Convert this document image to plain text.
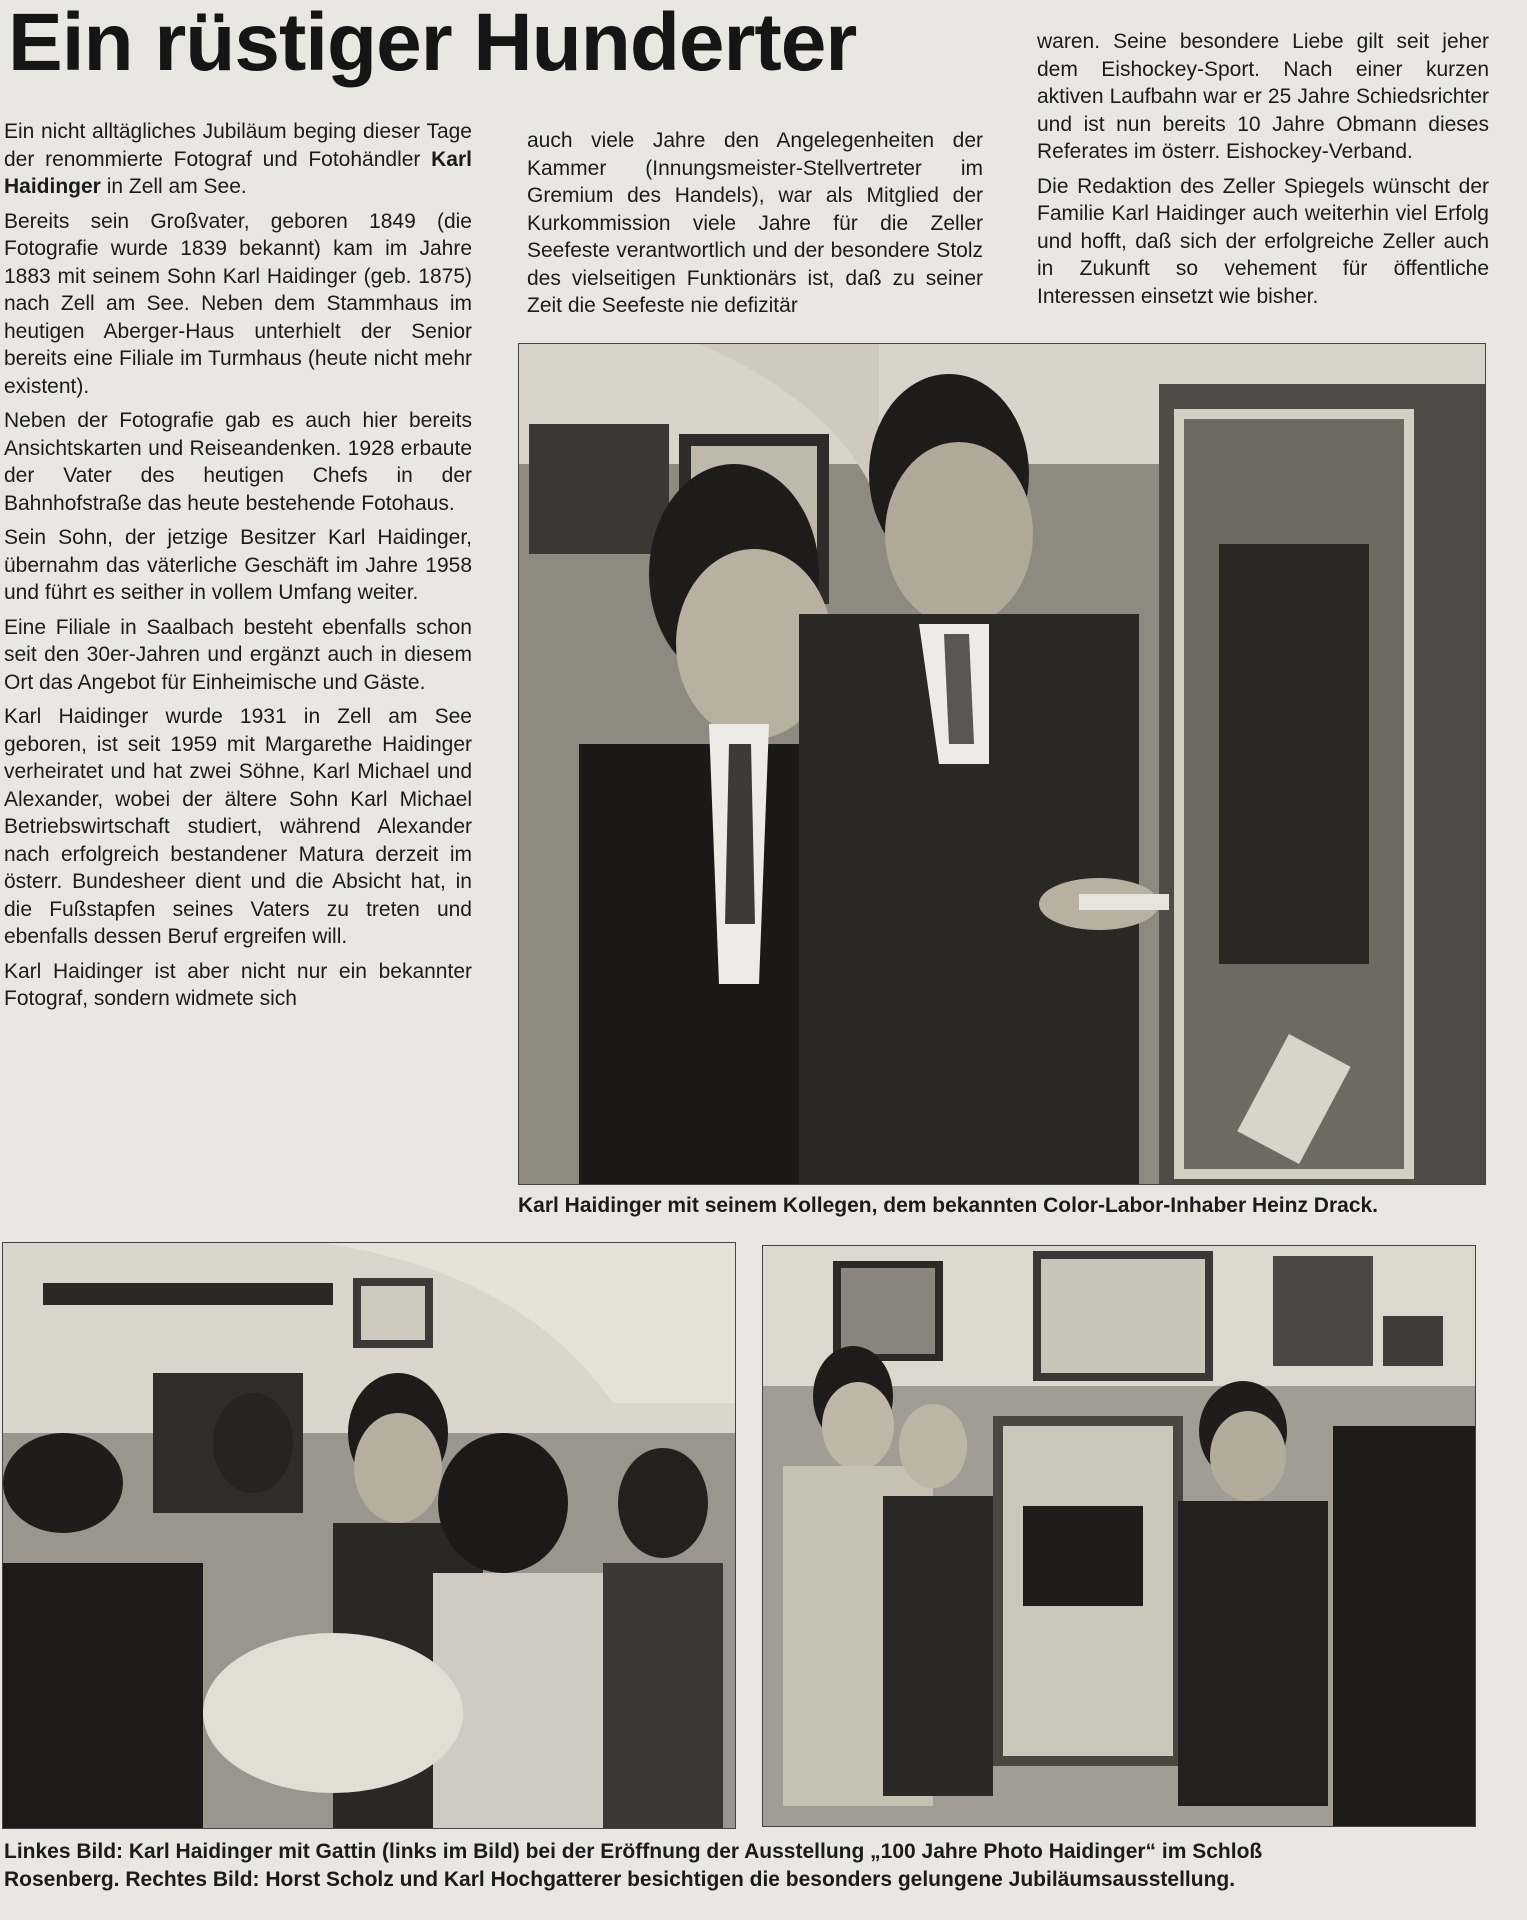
Ein rüstiger Hunderter

Ein nicht alltägliches Jubiläum beging dieser Tage der renommierte Fotograf und Fotohändler Karl Haidinger in Zell am See.

Bereits sein Großvater, geboren 1849 (die Fotografie wurde 1839 bekannt) kam im Jahre 1883 mit seinem Sohn Karl Haidinger (geb. 1875) nach Zell am See. Neben dem Stammhaus im heutigen Aberger-Haus unterhielt der Senior bereits eine Filiale im Turmhaus (heute nicht mehr existent).

Neben der Fotografie gab es auch hier bereits Ansichtskarten und Reiseandenken. 1928 erbaute der Vater des heutigen Chefs in der Bahnhofstraße das heute bestehende Fotohaus.

Sein Sohn, der jetzige Besitzer Karl Haidinger, übernahm das väterliche Geschäft im Jahre 1958 und führt es seither in vollem Umfang weiter.

Eine Filiale in Saalbach besteht ebenfalls schon seit den 30er-Jahren und ergänzt auch in diesem Ort das Angebot für Einheimische und Gäste.

Karl Haidinger wurde 1931 in Zell am See geboren, ist seit 1959 mit Margarethe Haidinger verheiratet und hat zwei Söhne, Karl Michael und Alexander, wobei der ältere Sohn Karl Michael Betriebswirtschaft studiert, während Alexander nach erfolgreich bestandener Matura derzeit im österr. Bundesheer dient und die Absicht hat, in die Fußstapfen seines Vaters zu treten und ebenfalls dessen Beruf ergreifen will.

Karl Haidinger ist aber nicht nur ein bekannter Fotograf, sondern widmete sich

auch viele Jahre den Angelegenheiten der Kammer (Innungsmeister-Stellvertreter im Gremium des Handels), war als Mitglied der Kurkommission viele Jahre für die Zeller Seefeste verantwortlich und der besondere Stolz des vielseitigen Funktionärs ist, daß zu seiner Zeit die Seefeste nie defizitär

waren. Seine besondere Liebe gilt seit jeher dem Eishockey-Sport. Nach einer kurzen aktiven Laufbahn war er 25 Jahre Schiedsrichter und ist nun bereits 10 Jahre Obmann dieses Referates im österr. Eishockey-Verband.

Die Redaktion des Zeller Spiegels wünscht der Familie Karl Haidinger auch weiterhin viel Erfolg und hofft, daß sich der erfolgreiche Zeller auch in Zukunft so vehement für öffentliche Interessen einsetzt wie bisher.

Karl Haidinger mit seinem Kollegen, dem bekannten Color-Labor-Inhaber Heinz Drack.
Linkes Bild: Karl Haidinger mit Gattin (links im Bild) bei der Eröffnung der Ausstellung „100 Jahre Photo Haidinger“ im Schloß
Rosenberg. Rechtes Bild: Horst Scholz und Karl Hochgatterer besichtigen die besonders gelungene Jubiläumsausstellung.
